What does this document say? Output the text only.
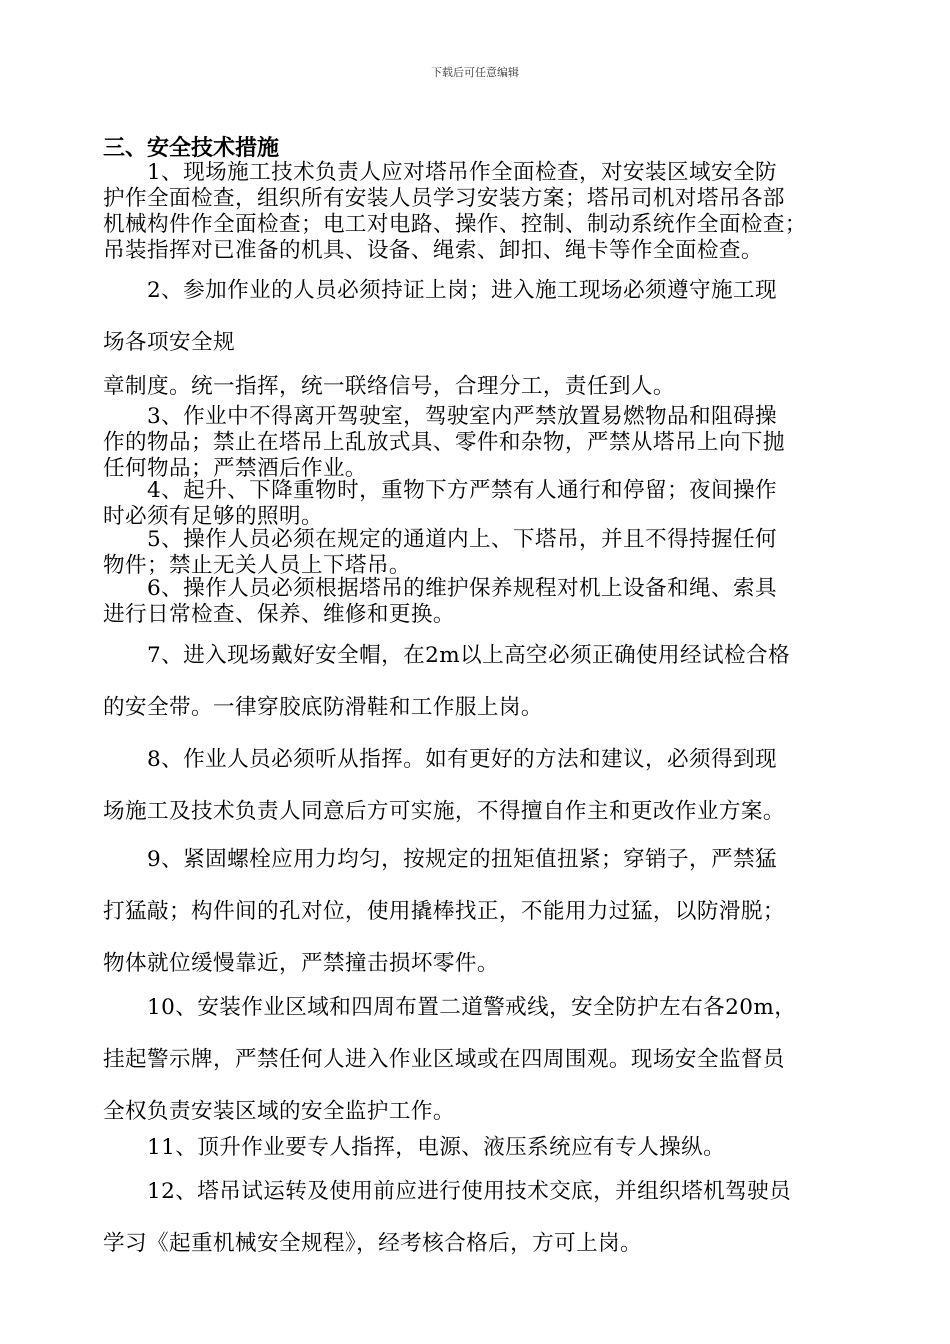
下载后可任意编辑
三、安全技术措施

1、现场施工技术负责人应对塔吊作全面检查，对安装区域安全防
护作全面检查，组织所有安装人员学习安装方案；塔吊司机对塔吊各部
机械构件作全面检查；电工对电路、操作、控制、制动系统作全面检查；
吊装指挥对已准备的机具、设备、绳索、卸扣、绳卡等作全面检查。

2、参加作业的人员必须持证上岗；进入施工现场必须遵守施工现
场各项安全规

章制度。统一指挥，统一联络信号，合理分工，责任到人。

3、作业中不得离开驾驶室，驾驶室内严禁放置易燃物品和阻碍操
作的物品；禁止在塔吊上乱放式具、零件和杂物，严禁从塔吊上向下抛
任何物品；严禁酒后作业。

4、起升、下降重物时，重物下方严禁有人通行和停留；夜间操作
时必须有足够的照明。

5、操作人员必须在规定的通道内上、下塔吊，并且不得持握任何
物件；禁止无关人员上下塔吊。

6、操作人员必须根据塔吊的维护保养规程对机上设备和绳、索具
进行日常检查、保养、维修和更换。

7、进入现场戴好安全帽，在2m以上高空必须正确使用经试检合格
的安全带。一律穿胶底防滑鞋和工作服上岗。

8、作业人员必须听从指挥。如有更好的方法和建议，必须得到现
场施工及技术负责人同意后方可实施，不得擅自作主和更改作业方案。

9、紧固螺栓应用力均匀，按规定的扭矩值扭紧；穿销子，严禁猛
打猛敲；构件间的孔对位，使用撬棒找正，不能用力过猛，以防滑脱；
物体就位缓慢靠近，严禁撞击损坏零件。

10、安装作业区域和四周布置二道警戒线，安全防护左右各20m，
挂起警示牌，严禁任何人进入作业区域或在四周围观。现场安全监督员
全权负责安装区域的安全监护工作。

11、顶升作业要专人指挥，电源、液压系统应有专人操纵。

12、塔吊试运转及使用前应进行使用技术交底，并组织塔机驾驶员
学习《起重机械安全规程》，经考核合格后，方可上岗。
